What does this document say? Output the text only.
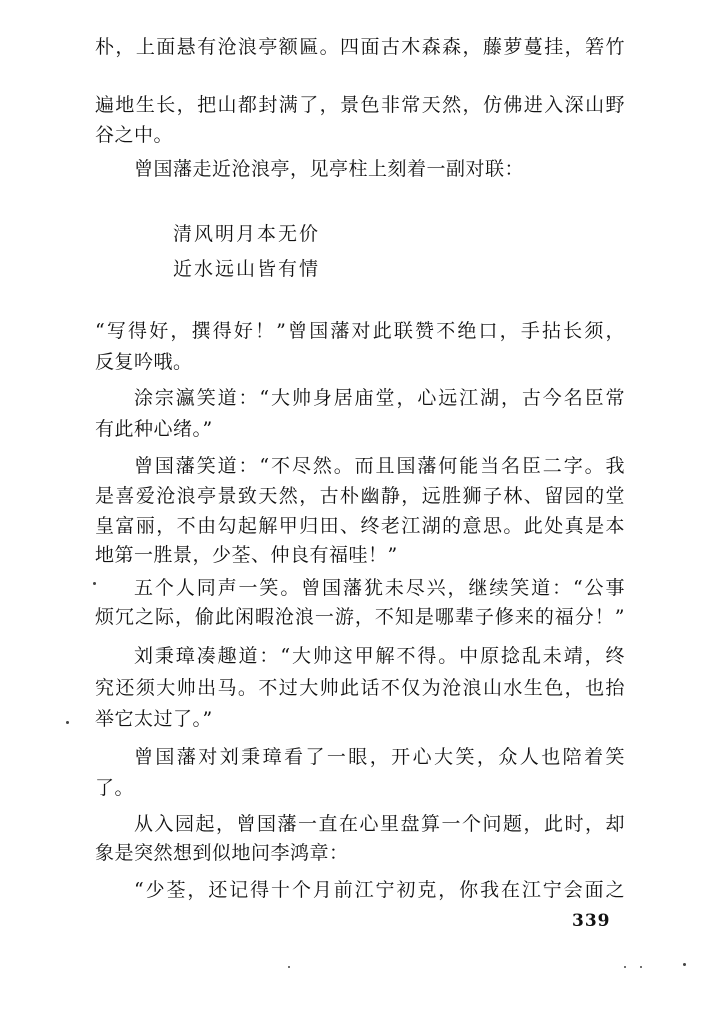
朴，上面悬有沧浪亭额匾。四面古木森森，藤萝蔓挂，箬竹
遍地生长，把山都封满了，景色非常天然，仿佛进入深山野
谷之中。
曾国藩走近沧浪亭，见亭柱上刻着一副对联：
清风明月本无价
近水远山皆有情
“写得好，撰得好！”曾国藩对此联赞不绝口，手拈长须，
反复吟哦。
涂宗瀛笑道：“大帅身居庙堂，心远江湖，古今名臣常
有此种心绪。”
曾国藩笑道：“不尽然。而且国藩何能当名臣二字。我
是喜爱沧浪亭景致天然，古朴幽静，远胜狮子林、留园的堂
皇富丽，不由勾起解甲归田、终老江湖的意思。此处真是本
地第一胜景，少荃、仲良有福哇！”
五个人同声一笑。曾国藩犹未尽兴，继续笑道：“公事
烦冗之际，偷此闲暇沧浪一游，不知是哪辈子修来的福分！”
刘秉璋凑趣道：“大帅这甲解不得。中原捻乱未靖，终
究还须大帅出马。不过大帅此话不仅为沧浪山水生色，也抬
举它太过了。”
曾国藩对刘秉璋看了一眼，开心大笑，众人也陪着笑
了。
从入园起，曾国藩一直在心里盘算一个问题，此时，却
象是突然想到似地问李鸿章：
“少荃，还记得十个月前江宁初克，你我在江宁会面之
339
